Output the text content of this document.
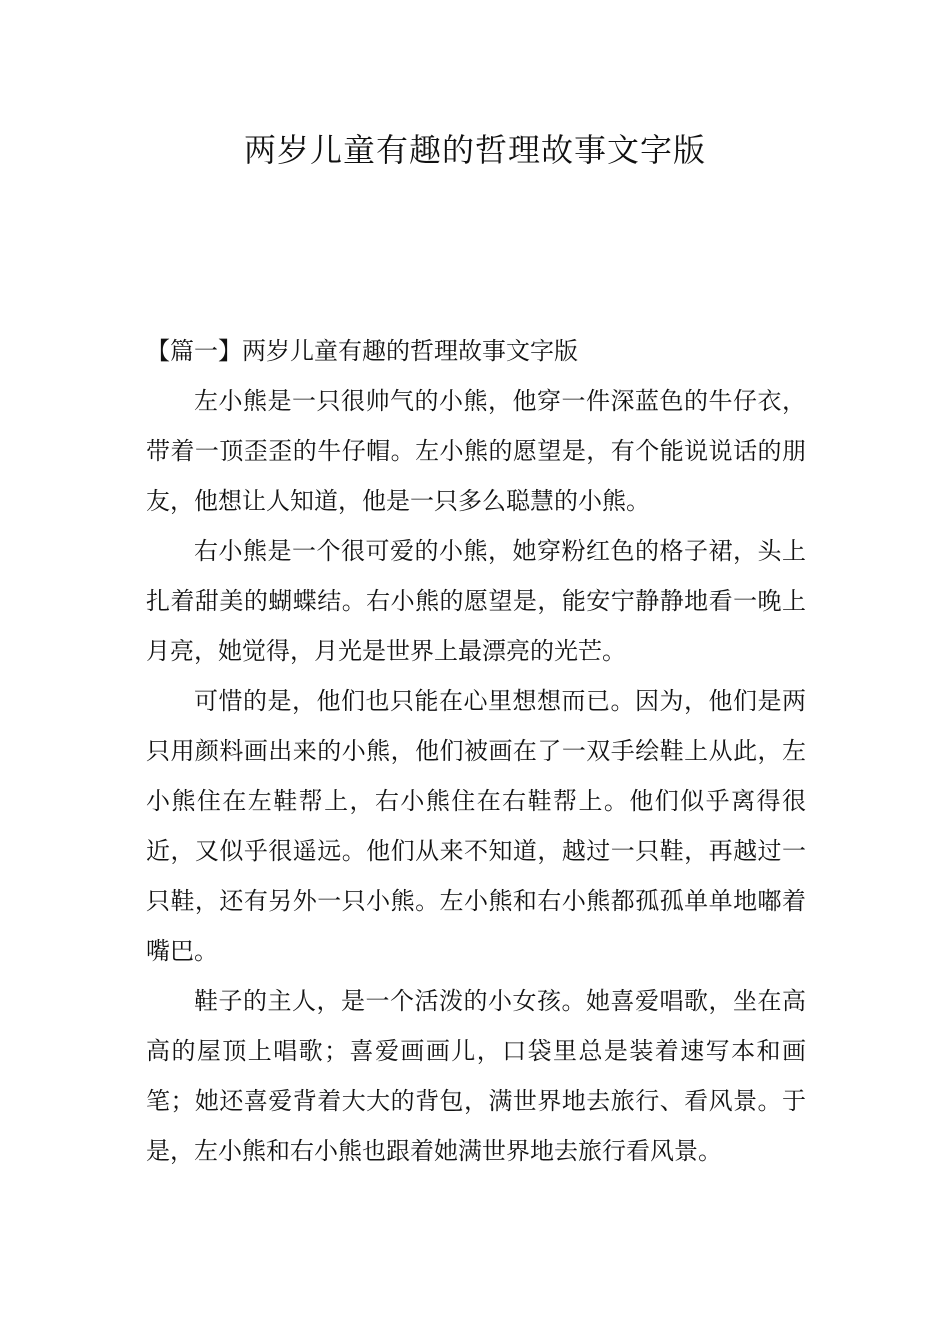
两岁儿童有趣的哲理故事文字版

【篇一】两岁儿童有趣的哲理故事文字版

左小熊是一只很帅气的小熊，他穿一件深蓝色的牛仔衣，带着一顶歪歪的牛仔帽。左小熊的愿望是，有个能说说话的朋友，他想让人知道，他是一只多么聪慧的小熊。

右小熊是一个很可爱的小熊，她穿粉红色的格子裙，头上扎着甜美的蝴蝶结。右小熊的愿望是，能安宁静静地看一晚上月亮，她觉得，月光是世界上最漂亮的光芒。

可惜的是，他们也只能在心里想想而已。因为，他们是两只用颜料画出来的小熊，他们被画在了一双手绘鞋上从此，左小熊住在左鞋帮上，右小熊住在右鞋帮上。他们似乎离得很近，又似乎很遥远。他们从来不知道，越过一只鞋，再越过一只鞋，还有另外一只小熊。左小熊和右小熊都孤孤单单地嘟着嘴巴。

鞋子的主人，是一个活泼的小女孩。她喜爱唱歌，坐在高高的屋顶上唱歌；喜爱画画儿，口袋里总是装着速写本和画笔；她还喜爱背着大大的背包，满世界地去旅行、看风景。于是，左小熊和右小熊也跟着她满世界地去旅行看风景。
